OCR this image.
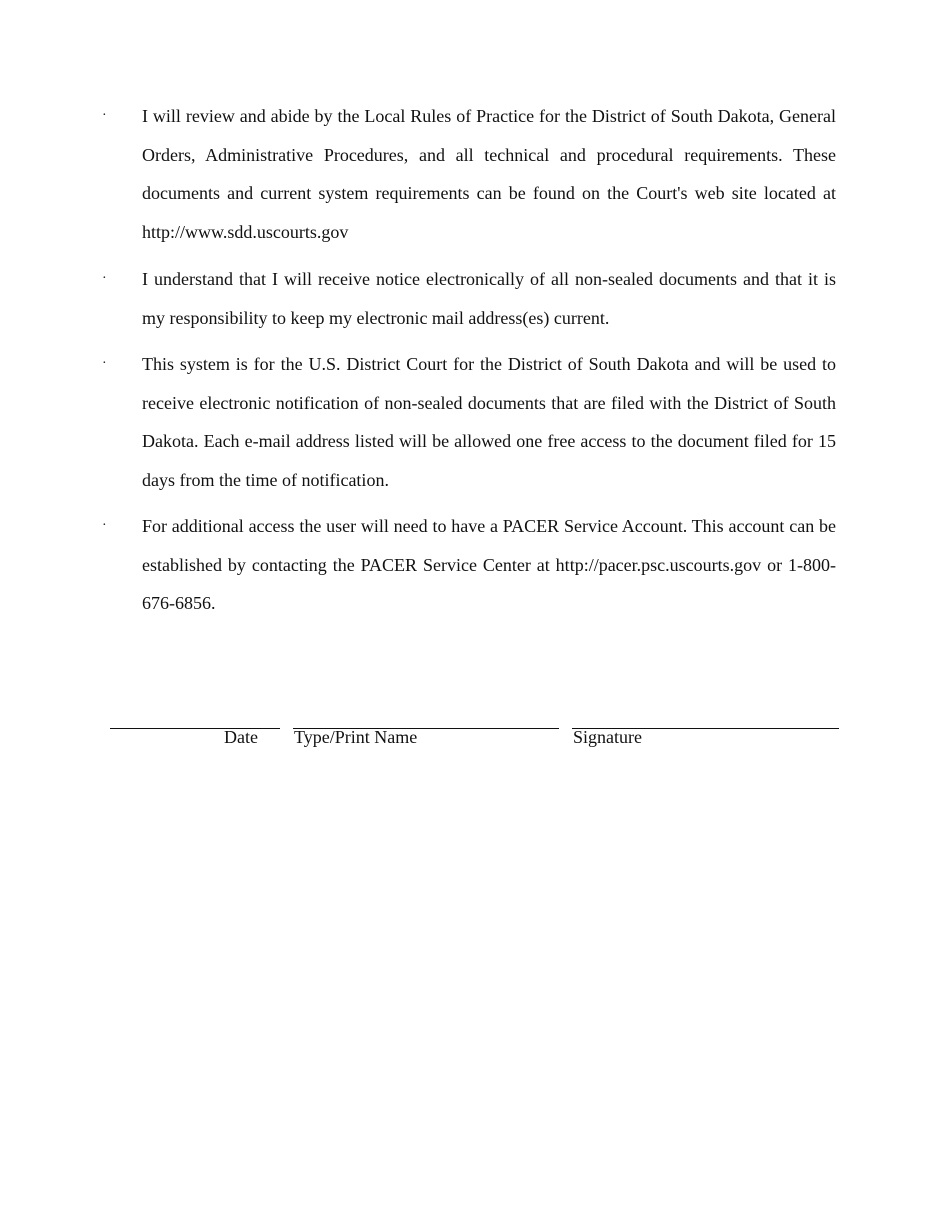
· I will review and abide by the Local Rules of Practice for the District of South Dakota, General Orders, Administrative Procedures, and all technical and procedural requirements. These documents and current system requirements can be found on the Court's web site located at http://www.sdd.uscourts.gov
· I understand that I will receive notice electronically of all non-sealed documents and that it is my responsibility to keep my electronic mail address(es) current.
· This system is for the U.S. District Court for the District of South Dakota and will be used to receive electronic notification of non-sealed documents that are filed with the District of South Dakota. Each e-mail address listed will be allowed one free access to the document filed for 15 days from the time of notification.
· For additional access the user will need to have a PACER Service Account. This account can be established by contacting the PACER Service Center at http://pacer.psc.uscourts.gov or 1-800-676-6856.
Date Type/Print Name	Signature
